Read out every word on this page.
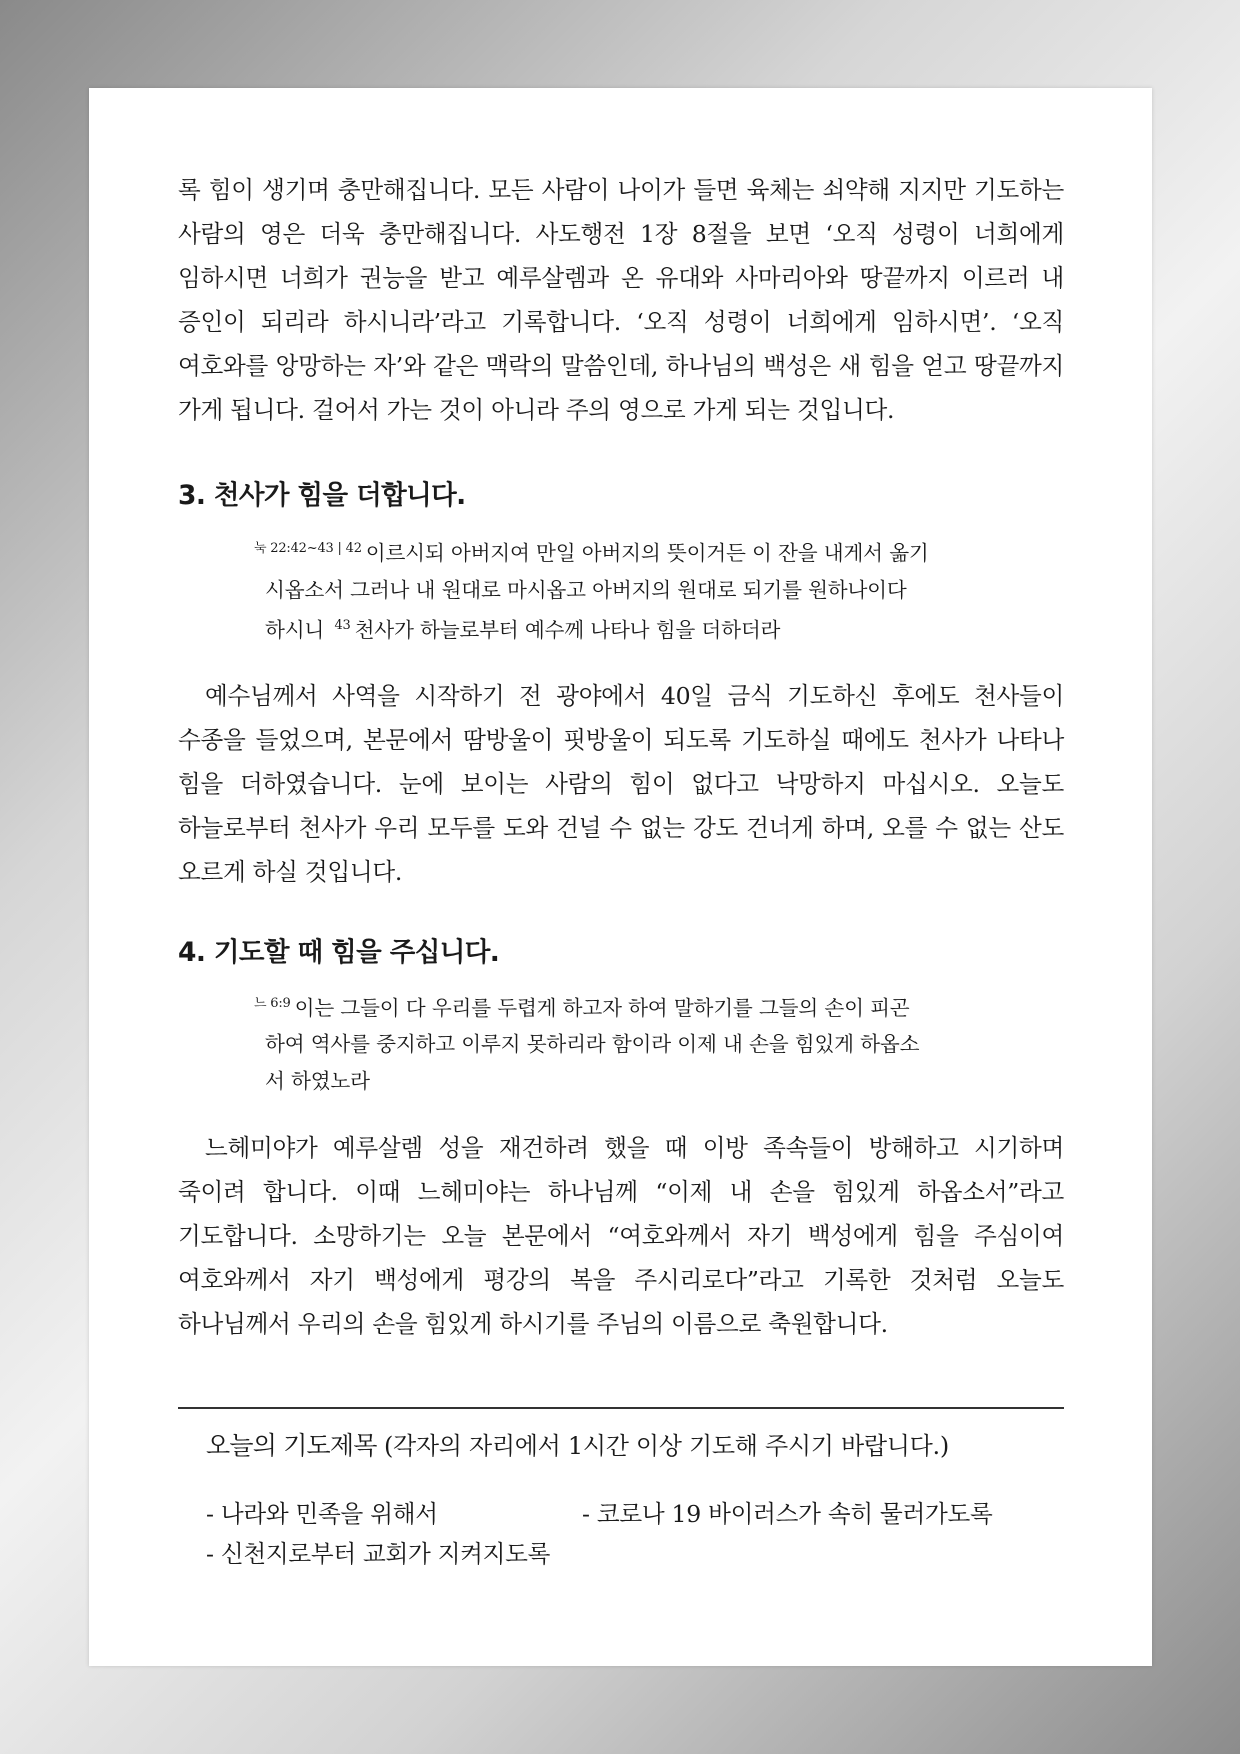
록 힘이 생기며 충만해집니다. 모든 사람이 나이가 들면 육체는 쇠약해 지지만 기도하는 사람의 영은 더욱 충만해집니다. 사도행전 1장 8절을 보면 ‘오직 성령이 너희에게 임하시면 너희가 권능을 받고 예루살렘과 온 유대와 사마리아와 땅끝까지 이르러 내 증인이 되리라 하시니라’라고 기록합니다. ‘오직 성령이 너희에게 임하시면’. ‘오직 여호와를 앙망하는 자’와 같은 맥락의 말씀인데, 하나님의 백성은 새 힘을 얻고 땅끝까지 가게 됩니다. 걸어서 가는 것이 아니라 주의 영으로 가게 되는 것입니다.

3. 천사가 힘을 더합니다.
$^{눅 22:42\sim 43 | 42}$ 이르시되 아버지여 만일 아버지의 뜻이거든 이 잔을 내게서 옮기
시옵소서 그러나 내 원대로 마시옵고 아버지의 원대로 되기를 원하나이다
하시니 $^{43}$ 천사가 하늘로부터 예수께 나타나 힘을 더하더라

예수님께서 사역을 시작하기 전 광야에서 40일 금식 기도하신 후에도 천사들이 수종을 들었으며, 본문에서 땀방울이 핏방울이 되도록 기도하실 때에도 천사가 나타나 힘을 더하였습니다. 눈에 보이는 사람의 힘이 없다고 낙망하지 마십시오. 오늘도 하늘로부터 천사가 우리 모두를 도와 건널 수 없는 강도 건너게 하며, 오를 수 없는 산도 오르게 하실 것입니다.

4. 기도할 때 힘을 주십니다.
$^{느 6:9}$ 이는 그들이 다 우리를 두렵게 하고자 하여 말하기를 그들의 손이 피곤
하여 역사를 중지하고 이루지 못하리라 함이라 이제 내 손을 힘있게 하옵소
서 하였노라

느헤미야가 예루살렘 성을 재건하려 했을 때 이방 족속들이 방해하고 시기하며 죽이려 합니다. 이때 느헤미야는 하나님께 “이제 내 손을 힘있게 하옵소서”라고 기도합니다. 소망하기는 오늘 본문에서 “여호와께서 자기 백성에게 힘을 주심이여 여호와께서 자기 백성에게 평강의 복을 주시리로다”라고 기록한 것처럼 오늘도 하나님께서 우리의 손을 힘있게 하시기를 주님의 이름으로 축원합니다.

오늘의 기도제목 (각자의 자리에서 1시간 이상 기도해 주시기 바랍니다.)
- 나라와 민족을 위해서	- 코로나 19 바이러스가 속히 물러가도록
- 신천지로부터 교회가 지켜지도록
